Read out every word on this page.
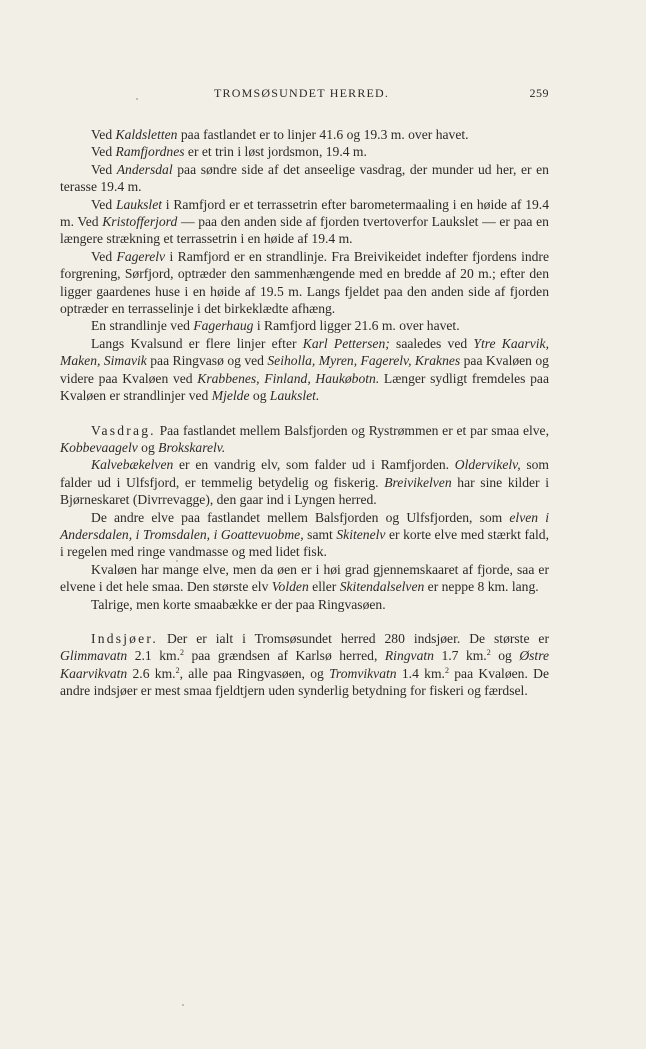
TROMSØSUNDET HERRED.	259

Ved Kaldsletten paa fastlandet er to linjer 41.6 og 19.3 m. over havet.

Ved Ramfjordnes er et trin i løst jordsmon, 19.4 m.

Ved Andersdal paa søndre side af det anseelige vasdrag, der munder ud her, er en terasse 19.4 m.

Ved Laukslet i Ramfjord er et terrassetrin efter barometermaaling i en høide af 19.4 m. Ved Kristofferjord — paa den anden side af fjorden tvertoverfor Laukslet — er paa en længere strækning et terrassetrin i en høide af 19.4 m.

Ved Fagerelv i Ramfjord er en strandlinje. Fra Breivikeidet indefter fjordens indre forgrening, Sørfjord, optræder den sammenhængende med en bredde af 20 m.; efter den ligger gaardenes huse i en høide af 19.5 m. Langs fjeldet paa den anden side af fjorden optræder en terrasselinje i det birkeklædte afhæng.

En strandlinje ved Fagerhaug i Ramfjord ligger 21.6 m. over havet.

Langs Kvalsund er flere linjer efter Karl Pettersen; saaledes ved Ytre Kaarvik, Maken, Simavik paa Ringvasø og ved Seiholla, Myren, Fagerelv, Kraknes paa Kvaløen og videre paa Kvaløen ved Krabbenes, Finland, Haukøbotn. Længer sydligt fremdeles paa Kvaløen er strandlinjer ved Mjelde og Laukslet.

Vasdrag. Paa fastlandet mellem Balsfjorden og Rystrømmen er et par smaa elve, Kobbevaagelv og Brokskarelv.

Kalvebækelven er en vandrig elv, som falder ud i Ramfjorden. Oldervikelv, som falder ud i Ulfsfjord, er temmelig betydelig og fiskerig. Breivikelven har sine kilder i Bjørneskaret (Divrrevagge), den gaar ind i Lyngen herred.

De andre elve paa fastlandet mellem Balsfjorden og Ulfsfjorden, som elven i Andersdalen, i Tromsdalen, i Goattevuobme, samt Skitenelv er korte elve med stærkt fald, i regelen med ringe vandmasse og med lidet fisk.

Kvaløen har mange elve, men da øen er i høi grad gjennemskaaret af fjorde, saa er elvene i det hele smaa. Den største elv Volden eller Skitendalselven er neppe 8 km. lang.

Talrige, men korte smaabække er der paa Ringvasøen.

Indsjøer. Der er ialt i Tromsøsundet herred 280 indsjøer. De største er Glimmavatn 2.1 km.$^2$ paa grændsen af Karlsø herred, Ringvatn 1.7 km.$^2$ og Østre Kaarvikvatn 2.6 km.$^2$, alle paa Ringvasøen, og Tromvikvatn 1.4 km.$^2$ paa Kvaløen. De andre indsjøer er mest smaa fjeldtjern uden synderlig betydning for fiskeri og færdsel.
